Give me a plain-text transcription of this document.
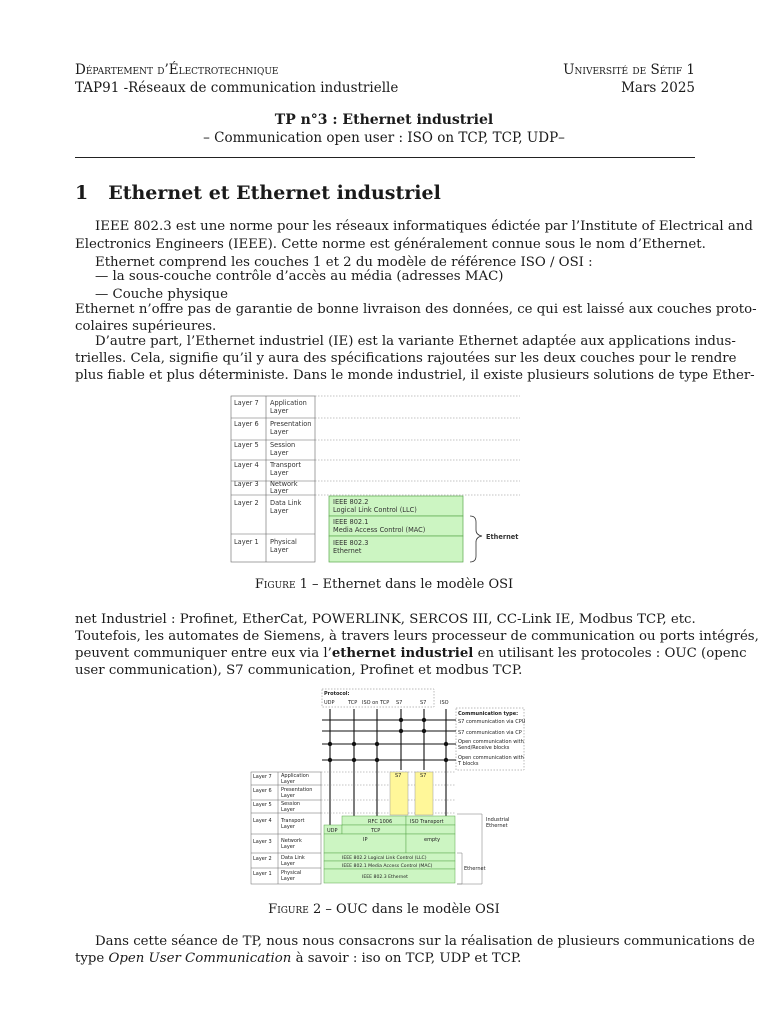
Département d’Électrotechnique
TAP91 -Réseaux de communication industrielle
Université de Sétif 1
Mars 2025
TP n°3 : Ethernet industriel
– Communication open user : ISO on TCP, TCP, UDP–
1 Ethernet et Ethernet industriel
IEEE 802.3 est une norme pour les réseaux informatiques édictée par l’Institute of Electrical and
Electronics Engineers (IEEE). Cette norme est généralement connue sous le nom d’Ethernet.
Ethernet comprend les couches 1 et 2 du modèle de référence ISO / OSI :
— la sous-couche contrôle d’accès au média (adresses MAC)
— Couche physique
Ethernet n’offre pas de garantie de bonne livraison des données, ce qui est laissé aux couches proto-
colaires supérieures.
D’autre part, l’Ethernet industriel (IE) est la variante Ethernet adaptée aux applications indus-
trielles. Cela, signifie qu’il y aura des spécifications rajoutées sur les deux couches pour le rendre
plus fiable et plus déterministe. Dans le monde industriel, il existe plusieurs solutions de type Ether-
Layer 7 Application
Layer
Layer 6 Presentation
Layer
Layer 5 Session
Layer
Layer 4 Transport
Layer
Layer 3 Network
Layer
Layer 2 Data Link
Layer
Layer 1 Physical
Layer
IEEE 802.2
Logical Link Control (LLC)
IEEE 802.1
Media Access Control (MAC)
IEEE 802.3
Ethernet
Ethernet
Figure 1 – Ethernet dans le modèle OSI
net Industriel : Profinet, EtherCat, POWERLINK, SERCOS III, CC-Link IE, Modbus TCP, etc.
Toutefois, les automates de Siemens, à travers leurs processeur de communication ou ports intégrés,
peuvent communiquer entre eux via l’ethernet industriel en utilisant les protocoles : OUC (openc
user communication), S7 communication, Profinet et modbus TCP.
Protocol:
UDP	TCP ISO on TCP S7	S7	ISO
Communication type:
S7 communication via CPU
S7 communication via CP
Open communication with
Send/Receive blocks
Open communication with
T blocks
Layer 7 Application
Layer
Layer 6 Presentation
Layer
Layer 5 Session
Layer
Layer 4 Transport
Layer
Layer 3 Network
Layer
Layer 2 Data Link
Layer
Layer 1 Physical
Layer
S7	S7
RFC 1006	ISO Transport
UDP	TCP
IP	empty
IEEE 802.2 Logical Link Control (LLC)
IEEE 802.1 Media Access Control (MAC)
IEEE 802.3 Ethernet
Industrial
Ethernet
Ethernet
Figure 2 – OUC dans le modèle OSI
Dans cette séance de TP, nous nous consacrons sur la réalisation de plusieurs communications de
type Open User Communication à savoir : iso on TCP, UDP et TCP.
